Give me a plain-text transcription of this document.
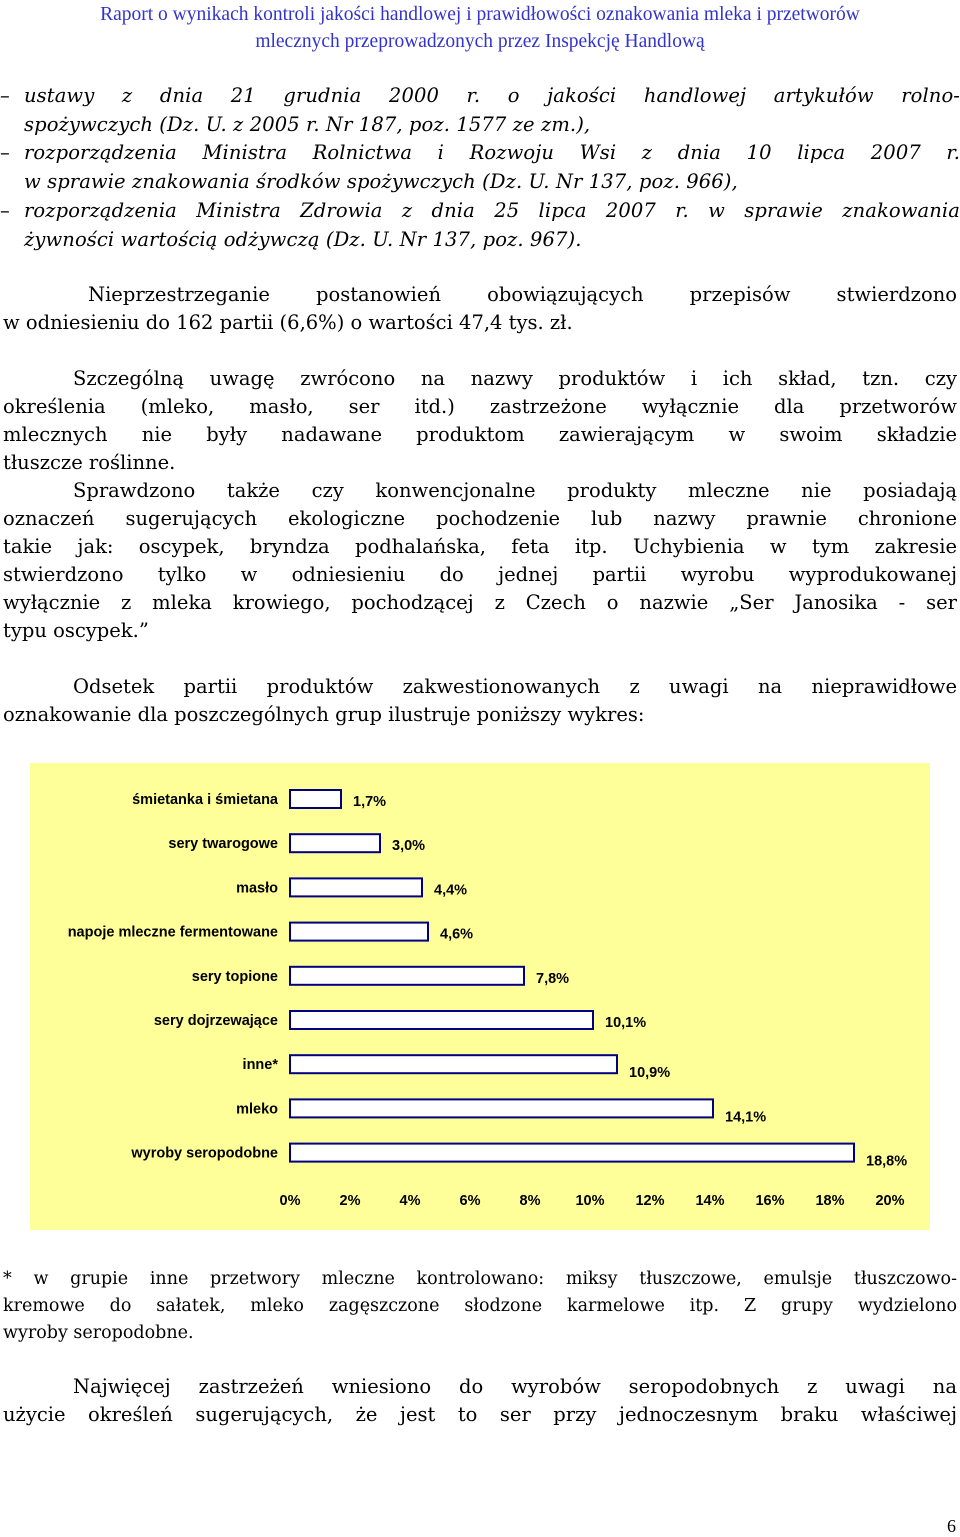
Raport o wynikach kontroli jakości handlowej i prawidłowości oznakowania mleka i przetworów
mlecznych przeprowadzonych przez Inspekcję Handlową
– ustawy z dnia 21 grudnia 2000 r. o jakości handlowej artykułów rolno-
spożywczych (Dz. U. z 2005 r. Nr 187, poz. 1577 ze zm.),
– rozporządzenia Ministra Rolnictwa i Rozwoju Wsi z dnia 10 lipca 2007 r.
w sprawie znakowania środków spożywczych (Dz. U. Nr 137, poz. 966),
– rozporządzenia Ministra Zdrowia z dnia 25 lipca 2007 r. w sprawie znakowania
żywności wartością odżywczą (Dz. U. Nr 137, poz. 967).
Nieprzestrzeganie postanowień obowiązujących przepisów stwierdzono
w odniesieniu do 162 partii (6,6%) o wartości 47,4 tys. zł.
Szczególną uwagę zwrócono na nazwy produktów i ich skład, tzn. czy
określenia (mleko, masło, ser itd.) zastrzeżone wyłącznie dla przetworów
mlecznych nie były nadawane produktom zawierającym w swoim składzie
tłuszcze roślinne.
Sprawdzono także czy konwencjonalne produkty mleczne nie posiadają
oznaczeń sugerujących ekologiczne pochodzenie lub nazwy prawnie chronione
takie jak: oscypek, bryndza podhalańska, feta itp. Uchybienia w tym zakresie
stwierdzono tylko w odniesieniu do jednej partii wyrobu wyprodukowanej
wyłącznie z mleka krowiego, pochodzącej z Czech o nazwie „Ser Janosika - ser
typu oscypek.”
Odsetek partii produktów zakwestionowanych z uwagi na nieprawidłowe
oznakowanie dla poszczególnych grup ilustruje poniższy wykres:
śmietanka i śmietana	1,7%
sery twarogowe	3,0%
masło	4,4%
napoje mleczne fermentowane	4,6%
sery topione	7,8%
sery dojrzewające	10,1%
inne*	10,9%
mleko	14,1%
wyroby seropodobne	18,8%
0%	2%	4%	6%	8% 10% 12% 14% 16% 18% 20%
* w grupie inne przetwory mleczne kontrolowano: miksy tłuszczowe, emulsje tłuszczowo-
kremowe do sałatek, mleko zagęszczone słodzone karmelowe itp. Z grupy wydzielono
wyroby seropodobne.
Najwięcej zastrzeżeń wniesiono do wyrobów seropodobnych z uwagi na
użycie określeń sugerujących, że jest to ser przy jednoczesnym braku właściwej
6
